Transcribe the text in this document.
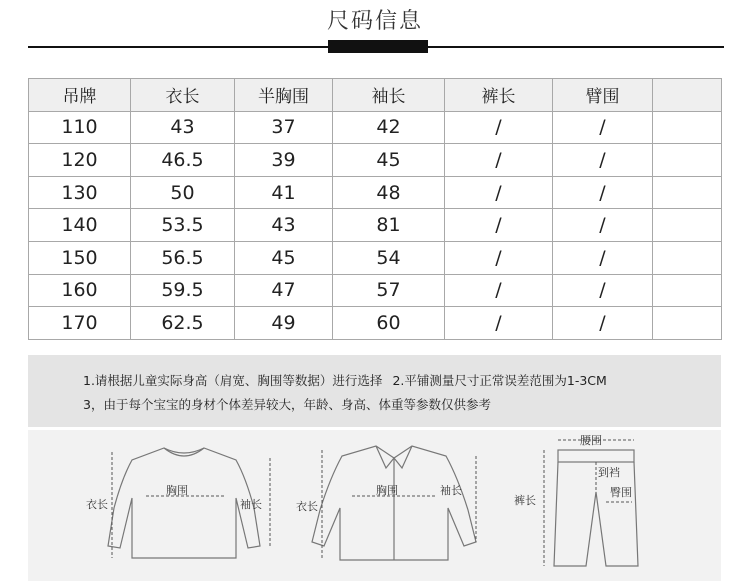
尺码信息
吊牌	衣长	半胸围	袖长	裤长	臂围	
110	43	37	42	/	/	
120	46.5	39	45	/	/	
130	50	41	48	/	/	
140	53.5	43	81	/	/	
150	56.5	45	54	/	/	
160	59.5	47	57	/	/	
170	62.5	49	60	/	/	
1.请根据儿童实际身高（肩宽、胸围等数据）进行选择 2.平铺测量尺寸正常误差范围为1-3CM
3，由于每个宝宝的身材个体差异较大，年龄、身高、体重等参数仅供参考
衣长
胸围
袖长	衣长
胸围	袖长
腰围
裤长
到裆
臀围
